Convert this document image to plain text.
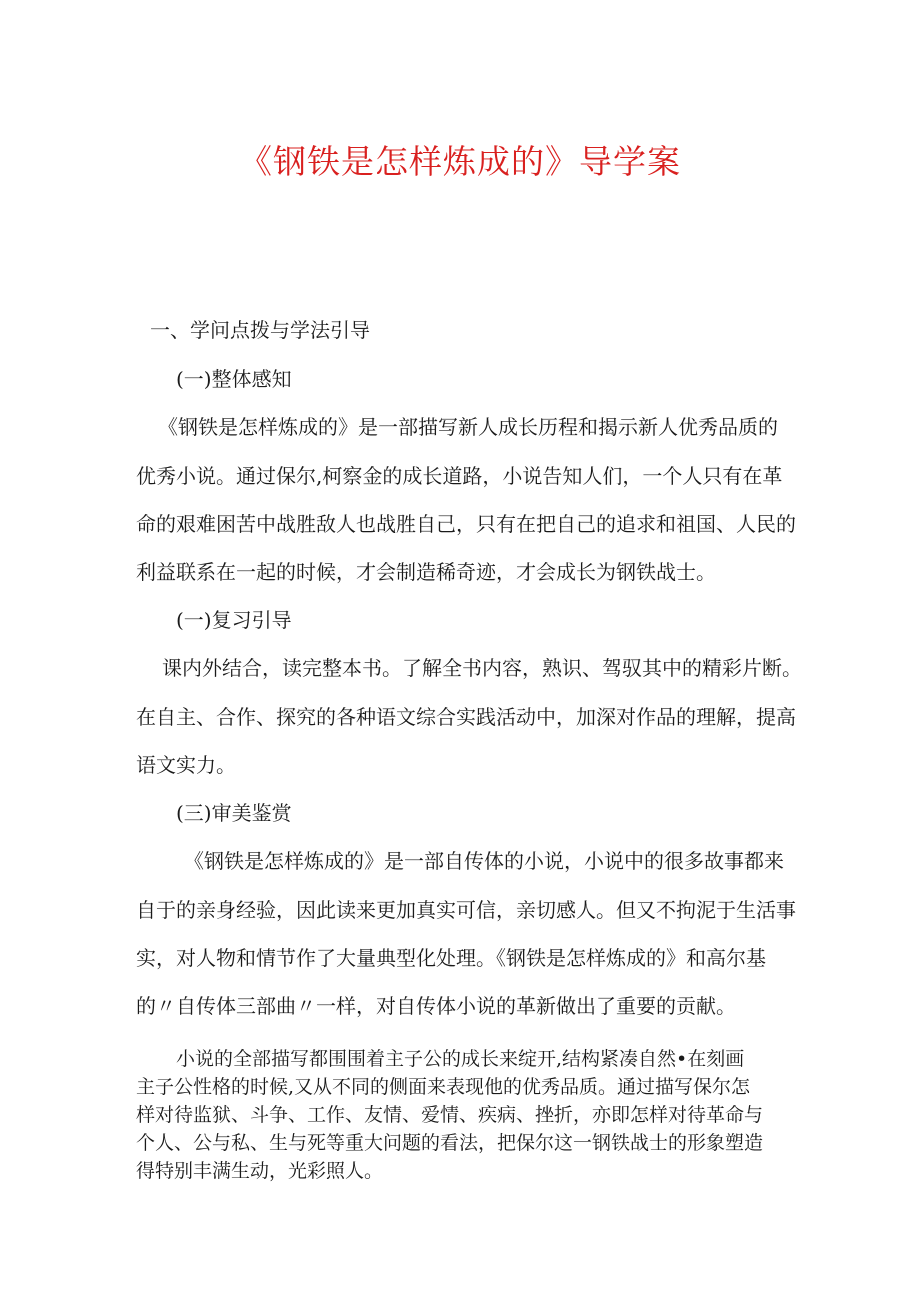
《钢铁是怎样炼成的》导学案
一、学问点拨与学法引导
(一)整体感知
《钢铁是怎样炼成的》是一部描写新人成长历程和揭示新人优秀品质的
优秀小说。通过保尔,柯察金的成长道路，小说告知人们，一个人只有在革
命的艰难困苦中战胜敌人也战胜自己，只有在把自己的追求和祖国、人民的
利益联系在一起的时候，才会制造稀奇迹，才会成长为钢铁战士。
(一)复习引导
课内外结合，读完整本书。了解全书内容，熟识、驾驭其中的精彩片断。
在自主、合作、探究的各种语文综合实践活动中，加深对作品的理解，提高
语文实力。
(三)审美鉴赏
《钢铁是怎样炼成的》是一部自传体的小说，小说中的很多故事都来
自于的亲身经验，因此读来更加真实可信，亲切感人。但又不拘泥于生活事
实，对人物和情节作了大量典型化处理。《钢铁是怎样炼成的》和高尔基
的〃自传体三部曲〃一样，对自传体小说的革新做出了重要的贡献。
小说的全部描写都围围着主子公的成长来绽开,结构紧凑自然•在刻画
主子公性格的时候,又从不同的侧面来表现他的优秀品质。通过描写保尔怎
样对待监狱、斗争、工作、友情、爱情、疾病、挫折，亦即怎样对待革命与
个人、公与私、生与死等重大问题的看法，把保尔这一钢铁战士的形象塑造
得特别丰满生动，光彩照人。
